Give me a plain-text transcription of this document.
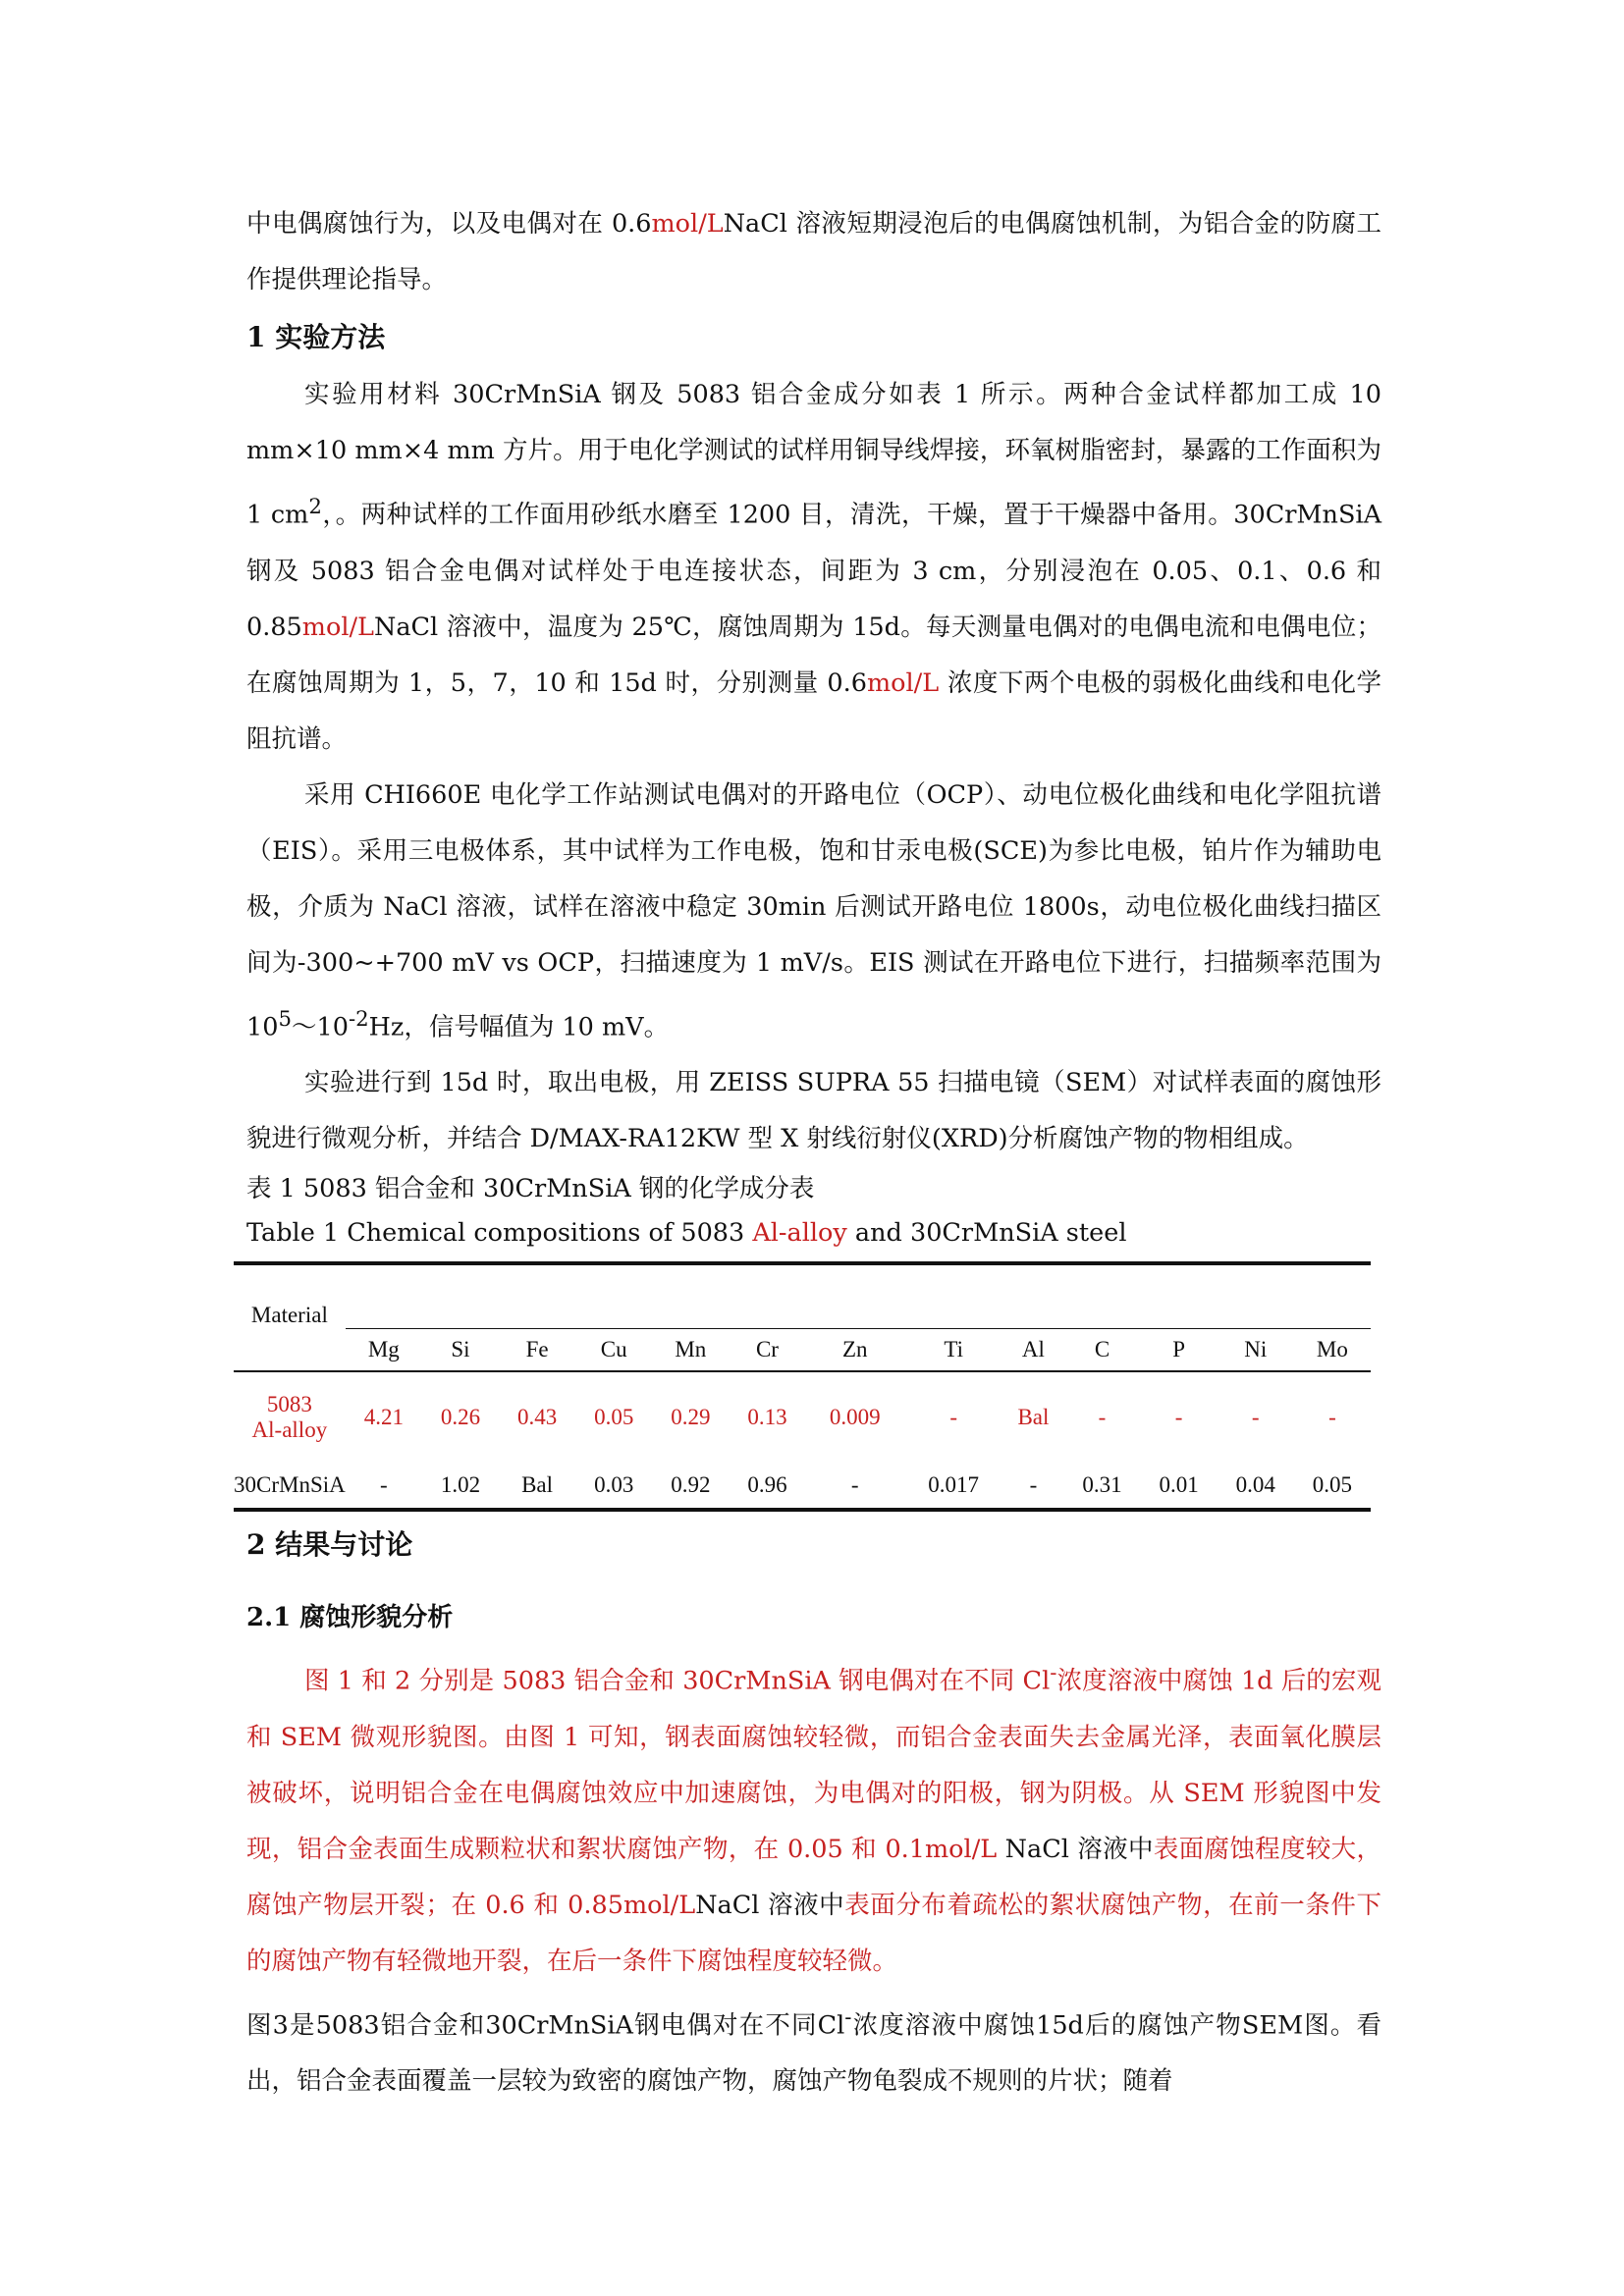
中电偶腐蚀行为，以及电偶对在 0.6mol/LNaCl 溶液短期浸泡后的电偶腐蚀机制，为铝合金的防腐工作提供理论指导。

1 实验方法

实验用材料 30CrMnSiA 钢及 5083 铝合金成分如表 1 所示。两种合金试样都加工成 10 mm×10 mm×4 mm 方片。用于电化学测试的试样用铜导线焊接，环氧树脂密封，暴露的工作面积为 1 $cm^2$，。两种试样的工作面用砂纸水磨至 1200 目，清洗，干燥，置于干燥器中备用。30CrMnSiA 钢及 5083 铝合金电偶对试样处于电连接状态，间距为 3 cm，分别浸泡在 0.05、0.1、0.6 和 0.85mol/LNaCl 溶液中，温度为 25℃，腐蚀周期为 15d。每天测量电偶对的电偶电流和电偶电位；在腐蚀周期为 1，5，7，10 和 15d 时，分别测量 0.6mol/L 浓度下两个电极的弱极化曲线和电化学阻抗谱。

采用 CHI660E 电化学工作站测试电偶对的开路电位（OCP）、动电位极化曲线和电化学阻抗谱（EIS）。采用三电极体系，其中试样为工作电极，饱和甘汞电极(SCE)为参比电极，铂片作为辅助电极，介质为 NaCl 溶液，试样在溶液中稳定 30min 后测试开路电位 1800s，动电位极化曲线扫描区间为-300~+700 mV vs OCP，扫描速度为 1 mV/s。EIS 测试在开路电位下进行，扫描频率范围为 $10^5\sim 10^{-2}Hz$，信号幅值为 10 mV。

实验进行到 15d 时，取出电极，用 ZEISS SUPRA 55 扫描电镜（SEM）对试样表面的腐蚀形貌进行微观分析，并结合 D/MAX-RA12KW 型 X 射线衍射仪(XRD)分析腐蚀产物的物相组成。

表 1 5083 铝合金和 30CrMnSiA 钢的化学成分表
Table 1 Chemical compositions of 5083 Al-alloy and 30CrMnSiA steel
Material													
	Mg	Si	Fe	Cu	Mn	Cr	Zn	Ti	Al	C	P	Ni	Mo

5083
Al-alloy	4.21	0.26	0.43	0.05	0.29	0.13	0.009	-	Bal	-	-	-	-

30CrMnSiA	-	1.02	Bal	0.03	0.92	0.96	-	0.017	-	0.31	0.01	0.04	0.05
2 结果与讨论
2.1 腐蚀形貌分析

图 1 和 2 分别是 5083 铝合金和 30CrMnSiA 钢电偶对在不同 Cl-浓度溶液中腐蚀 1d 后的宏观和 SEM 微观形貌图。由图 1 可知，钢表面腐蚀较轻微，而铝合金表面失去金属光泽，表面氧化膜层被破坏，说明铝合金在电偶腐蚀效应中加速腐蚀，为电偶对的阳极，钢为阴极。从 SEM 形貌图中发现，铝合金表面生成颗粒状和絮状腐蚀产物，在 0.05 和 0.1mol/L NaCl 溶液中表面腐蚀程度较大，腐蚀产物层开裂；在 0.6 和 0.85mol/LNaCl 溶液中表面分布着疏松的絮状腐蚀产物，在前一条件下的腐蚀产物有轻微地开裂，在后一条件下腐蚀程度较轻微。

图3是5083铝合金和30CrMnSiA钢电偶对在不同Cl-浓度溶液中腐蚀15d后的腐蚀产物SEM图。看出，铝合金表面覆盖一层较为致密的腐蚀产物，腐蚀产物龟裂成不规则的片状；随着
